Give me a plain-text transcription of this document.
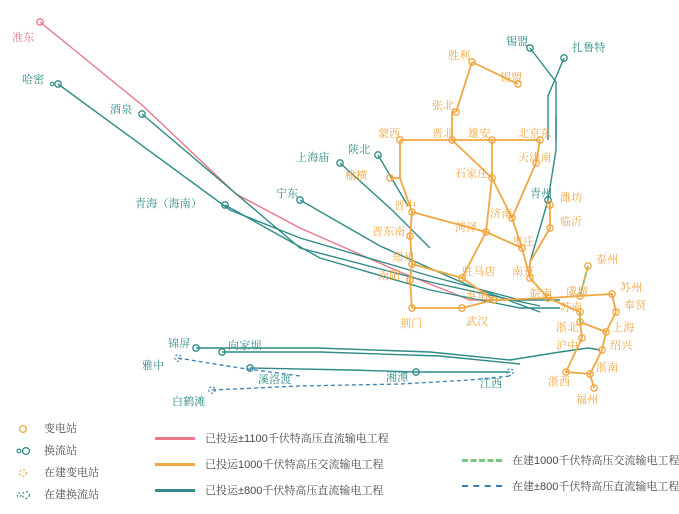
准东
哈密
酒泉
青海（海南）
宁东
上海庙
榆横
陕北
蒙西	晋北 雄安
张北
胜利
锡盟
锡盟	扎鲁特
北京东
天津南
石家庄
青州 潍坊
济南
临沂
晋中
菏泽
枣庄
晋东南
郑州
驻马店
南阳	南京
泰州
苏州
奉贤
皖南 虞城
苏南
淮南
武汉
荆门	浙北	上海
沪中	绍兴
浙南
浙西
福州
江西
湘潭
溪洛渡
白鹤滩
向家坝
锦屏
雅中
变电站
换流站
在建变电站
在建换流站
已投运±1100千伏特高压直流输电工程
已投运1000千伏特高压交流输电工程
已投运±800千伏特高压直流输电工程
在建1000千伏特高压交流输电工程
在建±800千伏特高压直流输电工程
